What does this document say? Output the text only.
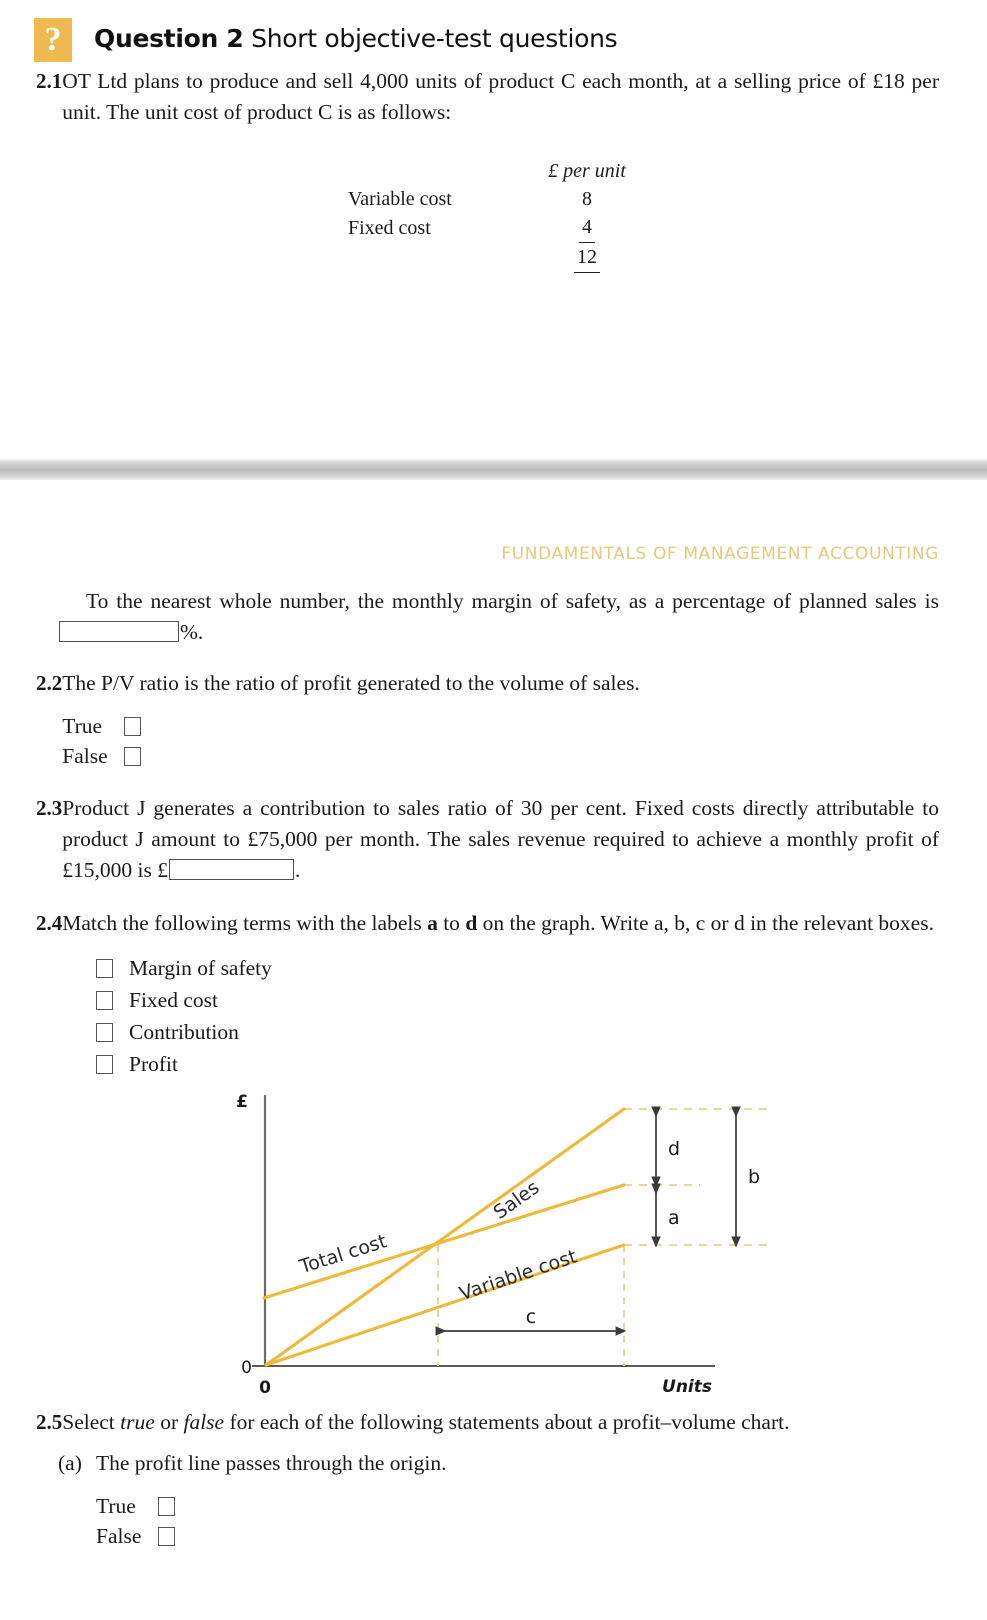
?	Question 2 Short objective-test questions
2.1 OT Ltd plans to produce and sell 4,000 units of product C each month, at a selling price of £18 per unit. The unit cost of product C is as follows:
	£ per unit
Variable cost	8
Fixed cost	4
	12
FUNDAMENTALS OF MANAGEMENT ACCOUNTING
To the nearest whole number, the monthly margin of safety, as a percentage of planned sales is %.
2.2 The P/V ratio is the ratio of profit generated to the volume of sales.
True
False
2.3 Product J generates a contribution to sales ratio of 30 per cent. Fixed costs directly attributable to product J amount to £75,000 per month. The sales revenue required to achieve a monthly profit of £15,000 is £	.
2.4 Match the following terms with the labels a to d on the graph. Write a, b, c or d in the relevant boxes.
Margin of safety
Fixed cost
Contribution
Profit
£
0
0	Units
Sales
Total cost	Variable cost
d
a
b
c
2.5 Select true or false for each of the following statements about a profit–volume chart.
(a) The profit line passes through the origin.
True
False
